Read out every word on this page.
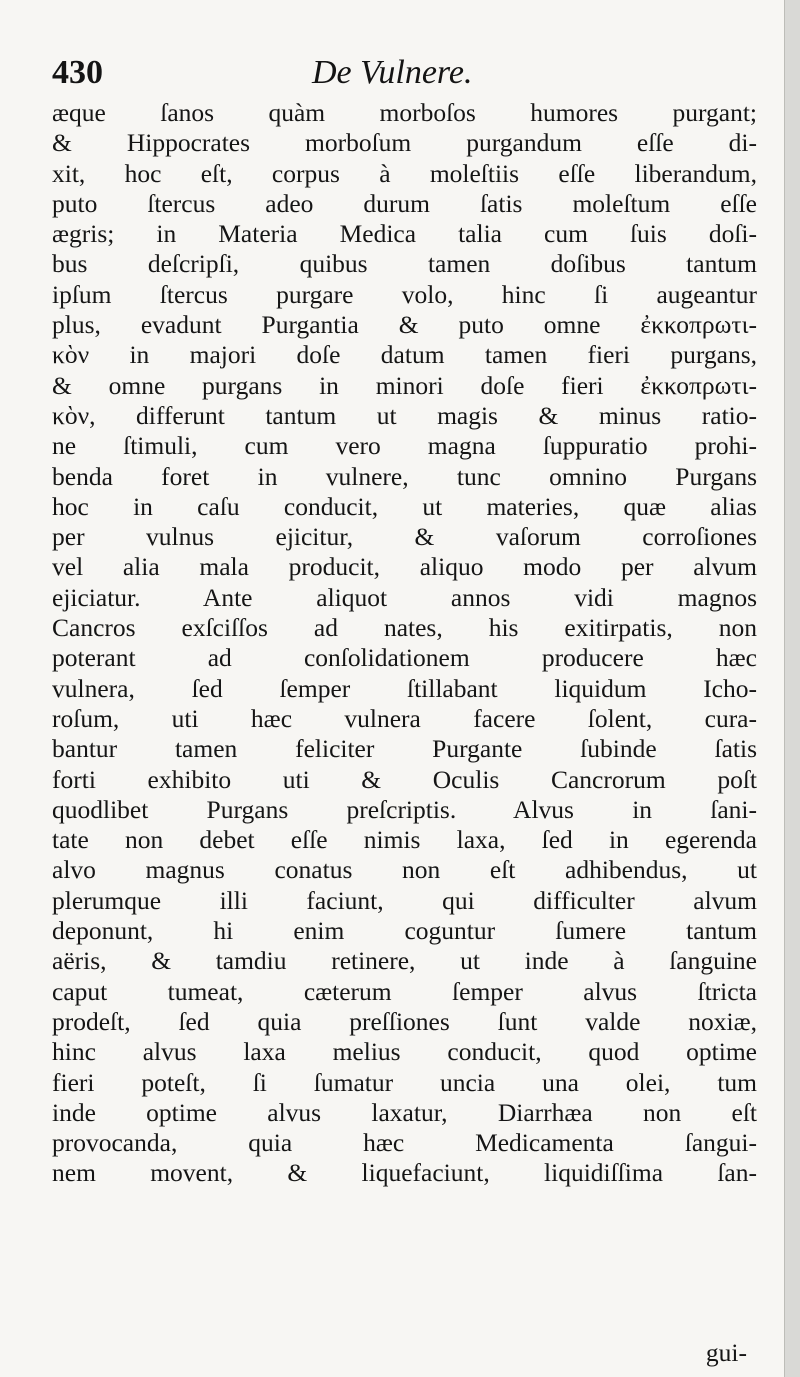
430	De Vulnere.
æque ſanos quàm morboſos humores purgant;
& Hippocrates morboſum purgandum eſſe di-
xit, hoc eſt, corpus à moleſtiis eſſe liberandum,
puto ſtercus adeo durum ſatis moleſtum eſſe
ægris; in Materia Medica talia cum ſuis doſi-
bus deſcripſi, quibus tamen doſibus tantum
ipſum ſtercus purgare volo, hinc ſi augeantur
plus, evadunt Purgantia & puto omne ἐκκοπρωτι-
κὸν in majori doſe datum tamen fieri purgans,
& omne purgans in minori doſe fieri ἐκκοπρωτι-
κὸν, differunt tantum ut magis & minus ratio-
ne ſtimuli, cum vero magna ſuppuratio prohi-
benda foret in vulnere, tunc omnino Purgans
hoc in caſu conducit, ut materies, quæ alias
per vulnus ejicitur, & vaſorum corroſiones
vel alia mala producit, aliquo modo per alvum
ejiciatur. Ante aliquot annos vidi magnos
Cancros exſciſſos ad nates, his exitirpatis, non
poterant ad conſolidationem producere hæc
vulnera, ſed ſemper ſtillabant liquidum Icho-
roſum, uti hæc vulnera facere ſolent, cura-
bantur tamen feliciter Purgante ſubinde ſatis
forti exhibito uti & Oculis Cancrorum poſt
quodlibet Purgans preſcriptis. Alvus in ſani-
tate non debet eſſe nimis laxa, ſed in egerenda
alvo magnus conatus non eſt adhibendus, ut
plerumque illi faciunt, qui difficulter alvum
deponunt, hi enim coguntur ſumere tantum
aëris, & tamdiu retinere, ut inde à ſanguine
caput tumeat, cæterum ſemper alvus ſtricta
prodeſt, ſed quia preſſiones ſunt valde noxiæ,
hinc alvus laxa melius conducit, quod optime
fieri poteſt, ſi ſumatur uncia una olei, tum
inde optime alvus laxatur, Diarrhæa non eſt
provocanda, quia hæc Medicamenta ſangui-
nem movent, & liquefaciunt, liquidiſſima ſan-
gui-
